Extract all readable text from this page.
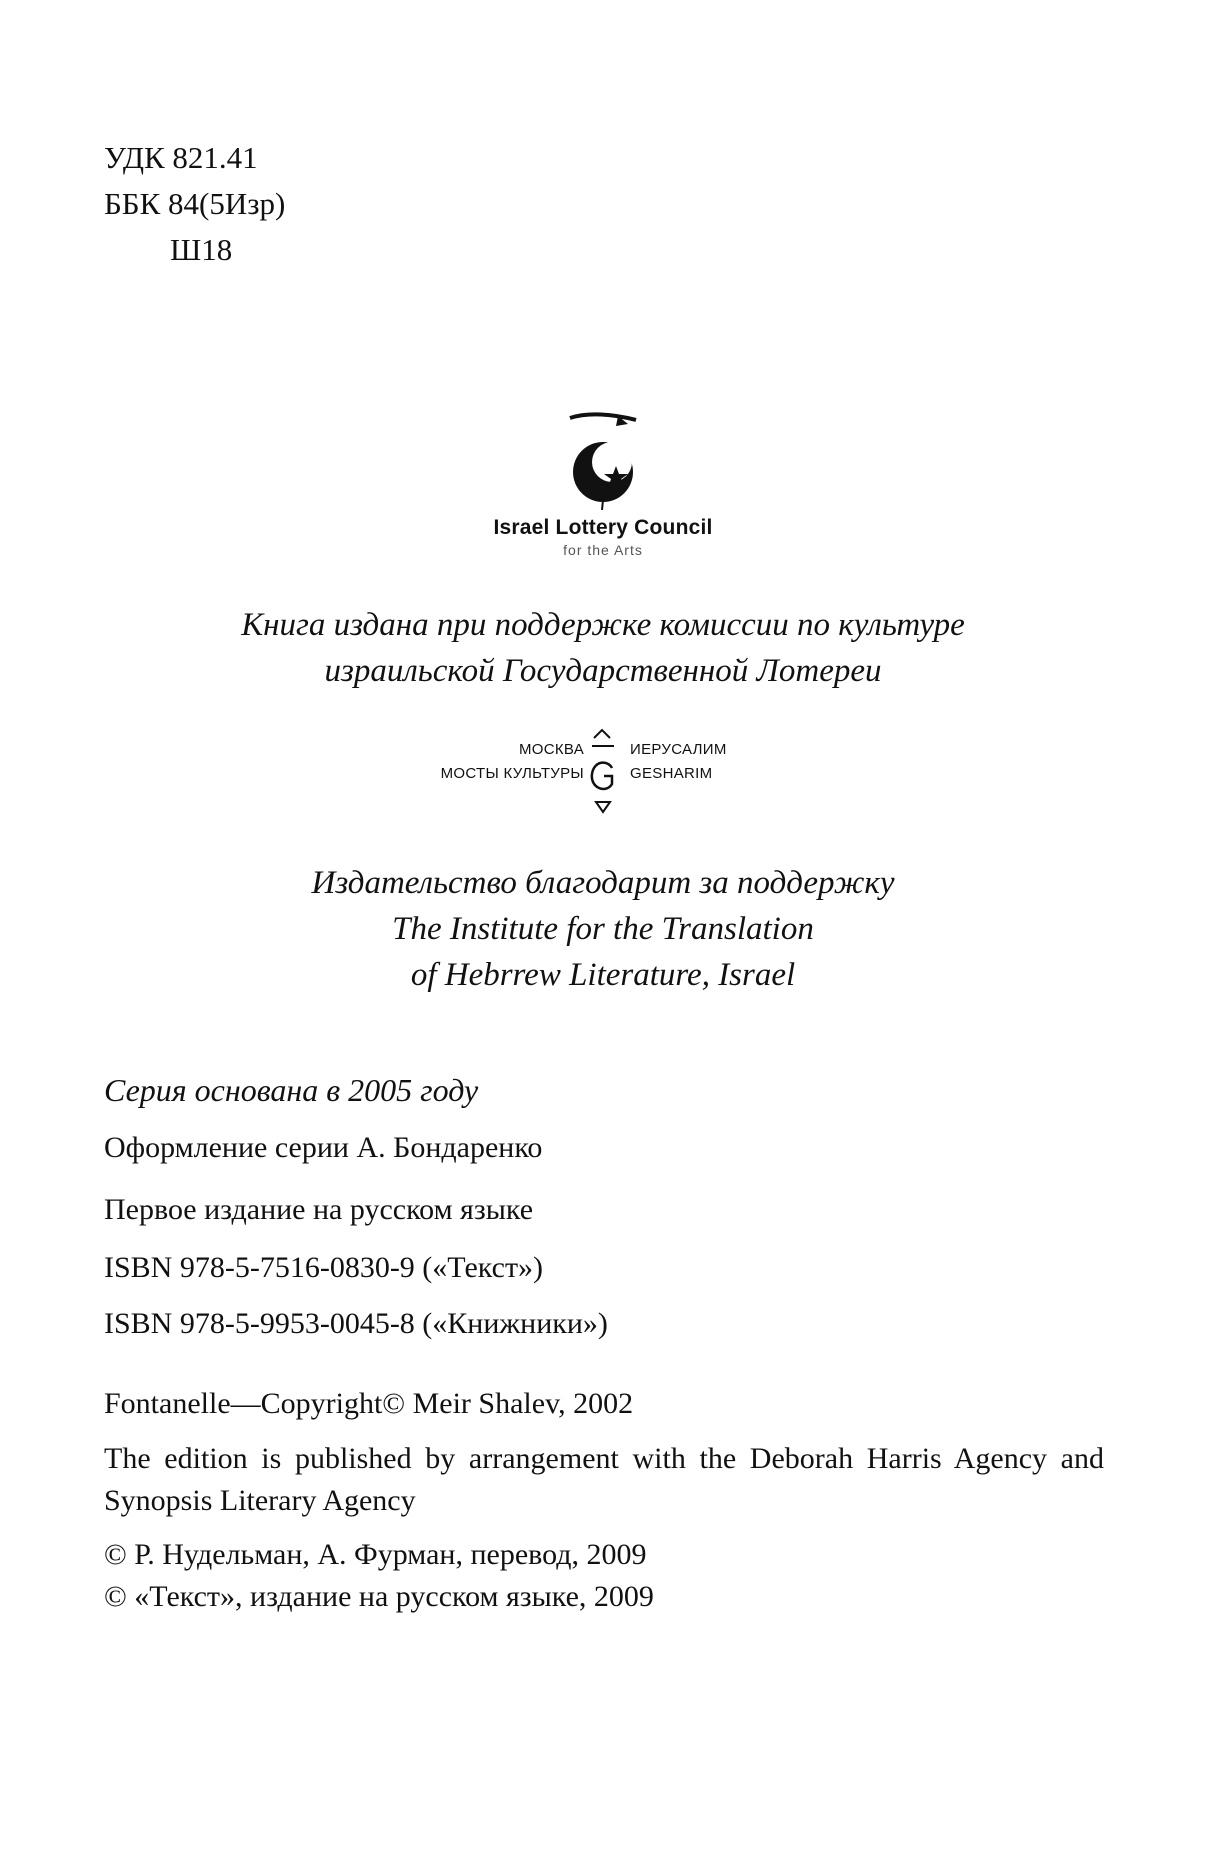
УДК 821.41
ББК 84(5Изр)
Ш18
Israel Lottery Council
for the Arts
Книга издана при поддержке комиссии по культуре
израильской Государственной Лотереи
МОСКВА
МОСТЫ КУЛЬТУРЫ
ИЕРУСАЛИМ
GESHARIM
Издательство благодарит за поддержку
The Institute for the Translation
of Hebrrew Literature, Israel

Серия основана в 2005 году

Оформление серии А. Бондаренко

Первое издание на русском языке

ISBN 978-5-7516-0830-9 («Текст»)

ISBN 978-5-9953-0045-8 («Книжники»)

Fontanelle—Copyright© Meir Shalev, 2002

The edition is published by arrangement with the Deborah Harris Agency and Synopsis Literary Agency

© Р. Нудельман, А. Фурман, перевод, 2009

© «Текст», издание на русском языке, 2009
